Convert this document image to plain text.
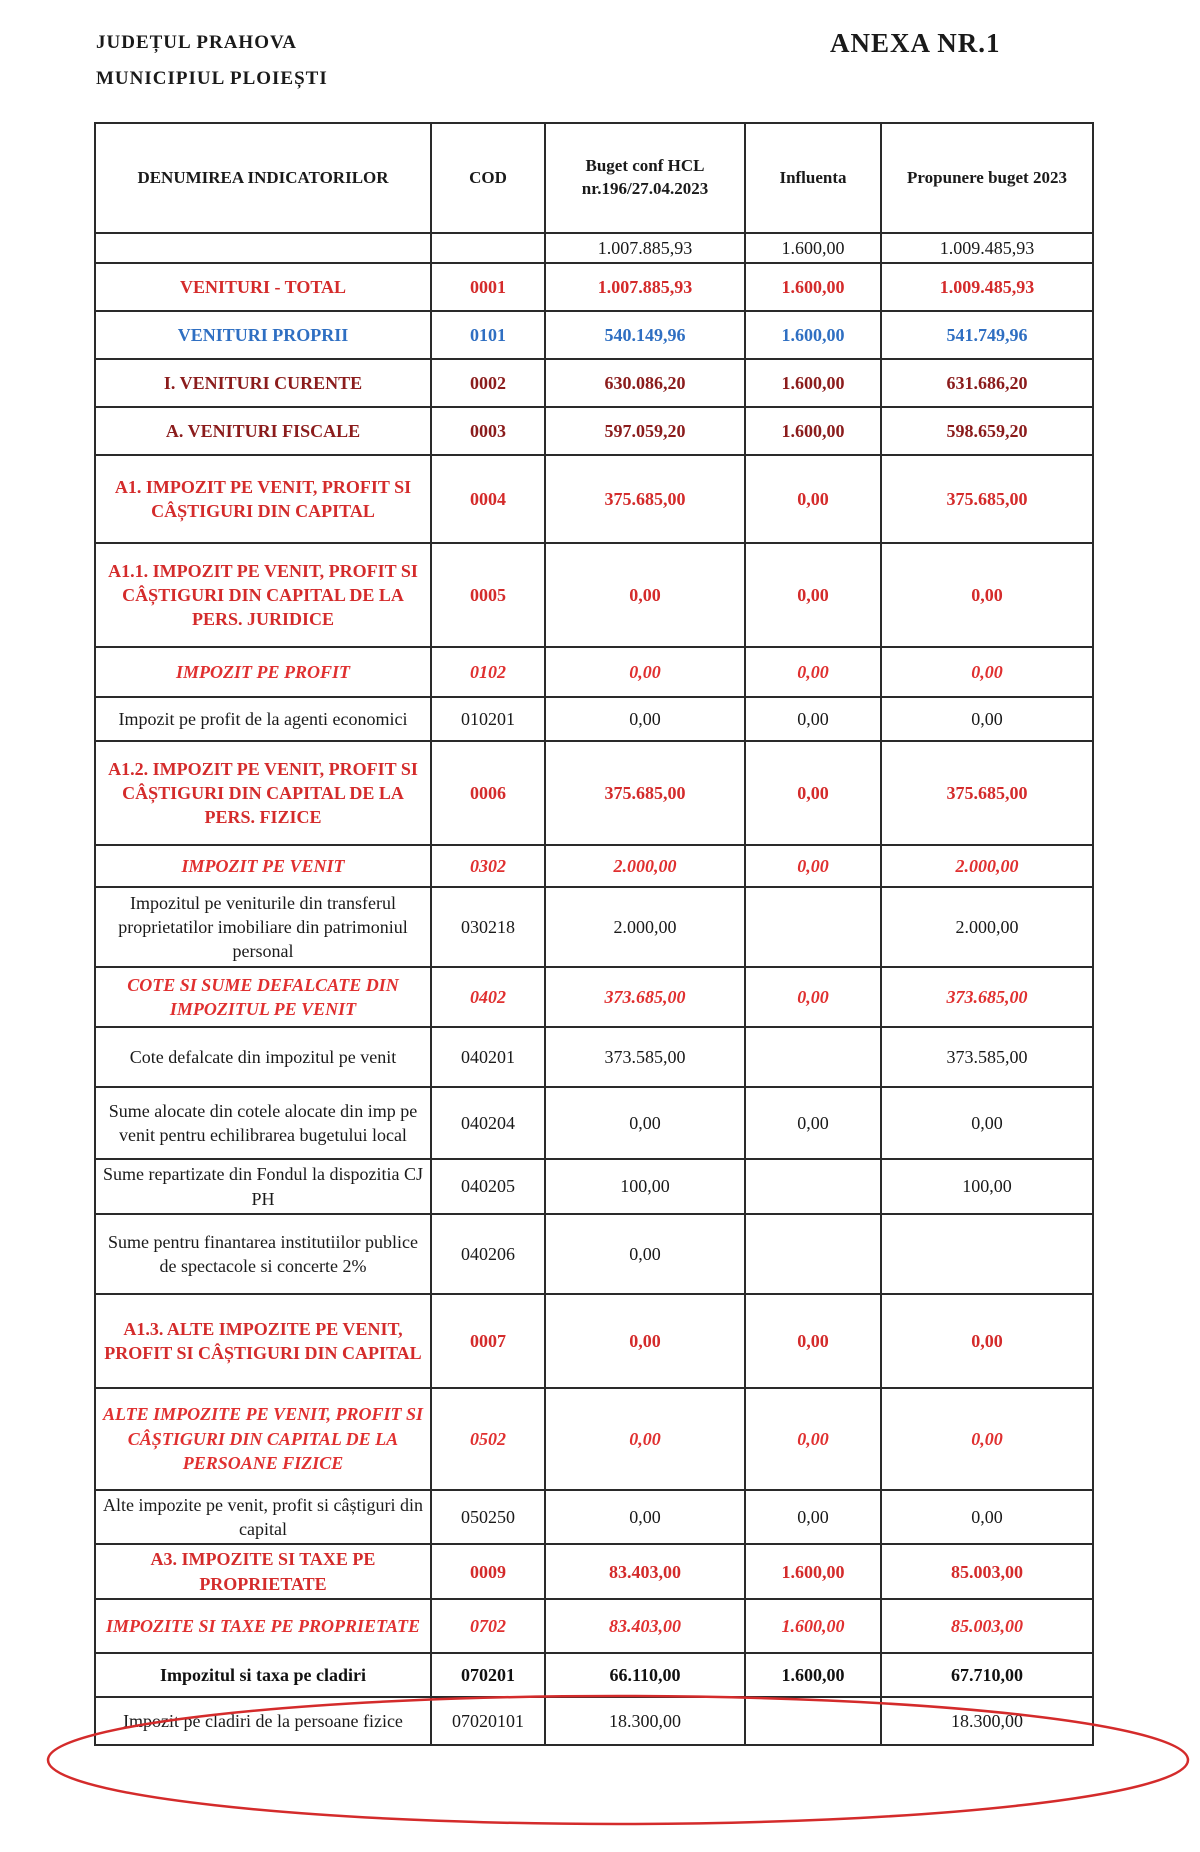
JUDEȚUL PRAHOVA
MUNICIPIUL PLOIEȘTI
ANEXA NR.1
DENUMIREA INDICATORILOR	COD	Buget conf HCL nr.196/27.04.2023	Influenta	Propunere buget 2023
		1.007.885,93	1.600,00	1.009.485,93
VENITURI - TOTAL	0001	1.007.885,93	1.600,00	1.009.485,93
VENITURI PROPRII	0101	540.149,96	1.600,00	541.749,96
I. VENITURI CURENTE	0002	630.086,20	1.600,00	631.686,20
A. VENITURI FISCALE	0003	597.059,20	1.600,00	598.659,20
A1. IMPOZIT PE VENIT, PROFIT SI CÂȘTIGURI DIN CAPITAL	0004	375.685,00	0,00	375.685,00
A1.1. IMPOZIT PE VENIT, PROFIT SI CÂȘTIGURI DIN CAPITAL DE LA PERS. JURIDICE	0005	0,00	0,00	0,00
IMPOZIT PE PROFIT	0102	0,00	0,00	0,00
Impozit pe profit de la agenti economici	010201	0,00	0,00	0,00
A1.2. IMPOZIT PE VENIT, PROFIT SI CÂȘTIGURI DIN CAPITAL DE LA PERS. FIZICE	0006	375.685,00	0,00	375.685,00
IMPOZIT PE VENIT	0302	2.000,00	0,00	2.000,00
Impozitul pe veniturile din transferul proprietatilor imobiliare din patrimoniul personal	030218	2.000,00		2.000,00
COTE SI SUME DEFALCATE DIN IMPOZITUL PE VENIT	0402	373.685,00	0,00	373.685,00
Cote defalcate din impozitul pe venit	040201	373.585,00		373.585,00
Sume alocate din cotele alocate din imp pe venit pentru echilibrarea bugetului local	040204	0,00	0,00	0,00
Sume repartizate din Fondul la dispozitia CJ PH	040205	100,00		100,00
Sume pentru finantarea institutiilor publice de spectacole si concerte 2%	040206	0,00		
A1.3. ALTE IMPOZITE PE VENIT, PROFIT SI CÂȘTIGURI DIN CAPITAL	0007	0,00	0,00	0,00
ALTE IMPOZITE PE VENIT, PROFIT SI CÂȘTIGURI DIN CAPITAL DE LA PERSOANE FIZICE	0502	0,00	0,00	0,00
Alte impozite pe venit, profit si câștiguri din capital	050250	0,00	0,00	0,00
A3. IMPOZITE SI TAXE PE PROPRIETATE	0009	83.403,00	1.600,00	85.003,00
IMPOZITE SI TAXE PE PROPRIETATE	0702	83.403,00	1.600,00	85.003,00
Impozitul si taxa pe cladiri	070201	66.110,00	1.600,00	67.710,00
Impozit pe cladiri de la persoane fizice	07020101	18.300,00		18.300,00
